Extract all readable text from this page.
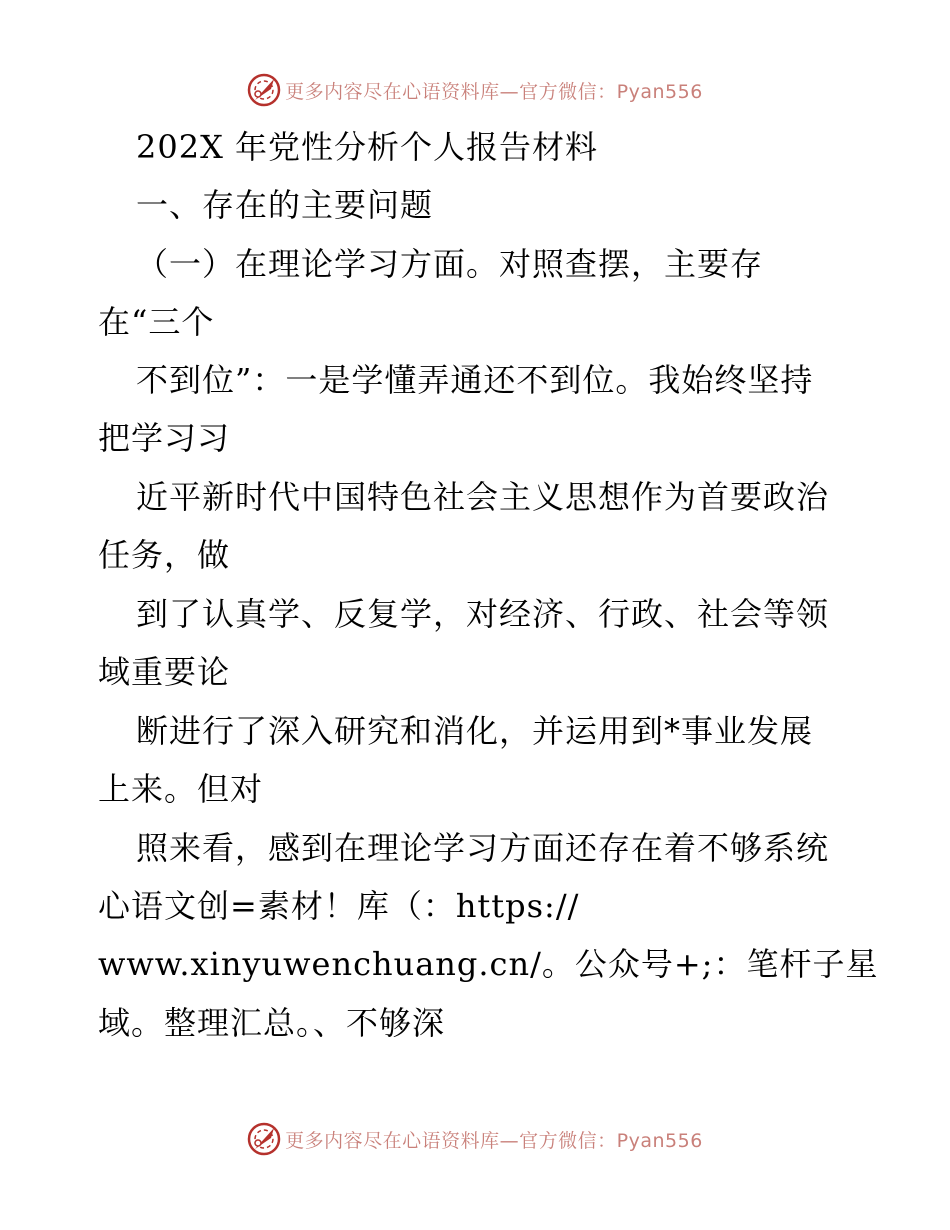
更多内容尽在心语资料库—官方微信：Pyan556
202X 年党性分析个人报告材料
一、存在的主要问题
（一）在理论学习方面。对照查摆，主要存
在“三个
不到位”：一是学懂弄通还不到位。我始终坚持
把学习习
近平新时代中国特色社会主义思想作为首要政治
任务，做
到了认真学、反复学，对经济、行政、社会等领
域重要论
断进行了深入研究和消化，并运用到*事业发展
上来。但对
照来看，感到在理论学习方面还存在着不够系统
心语文创=素材！库（：https://
www.xinyuwenchuang.cn/。公众号+;：笔杆子星
域。整理汇总。、不够深
更多内容尽在心语资料库—官方微信：Pyan556
